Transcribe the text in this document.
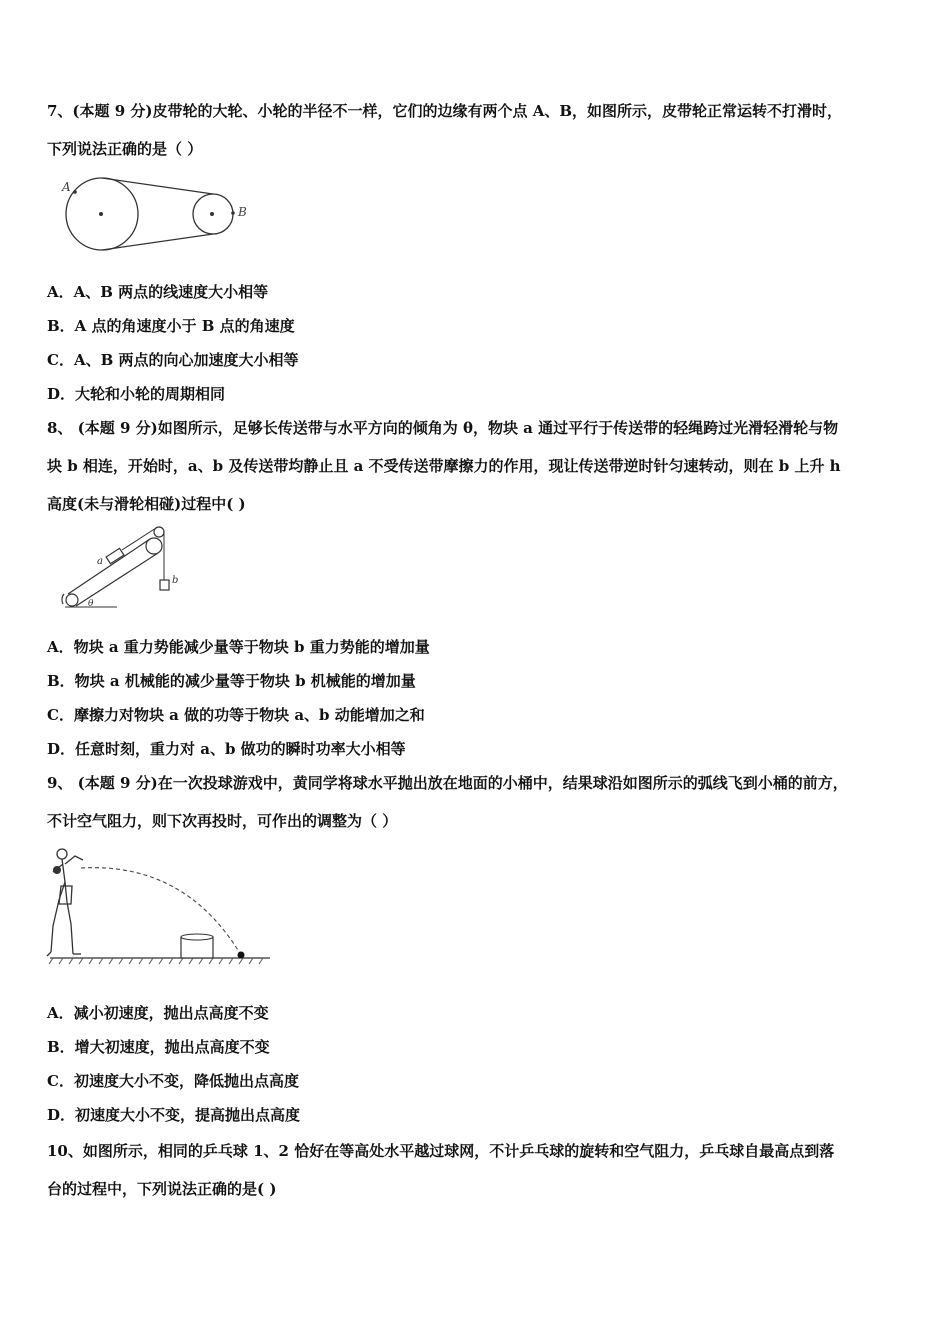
7、(本题 9 分)皮带轮的大轮、小轮的半径不一样，它们的边缘有两个点 A、B，如图所示，皮带轮正常运转不打滑时，
下列说法正确的是（ ）
A
B
A．A、B 两点的线速度大小相等
B．A 点的角速度小于 B 点的角速度
C．A、B 两点的向心加速度大小相等
D．大轮和小轮的周期相同
8、 (本题 9 分)如图所示，足够长传送带与水平方向的倾角为 θ，物块 a 通过平行于传送带的轻绳跨过光滑轻滑轮与物
块 b 相连，开始时，a、b 及传送带均静止且 a 不受传送带摩擦力的作用，现让传送带逆时针匀速转动，则在 b 上升 h
高度(未与滑轮相碰)过程中( )
a
b
θ
A．物块 a 重力势能减少量等于物块 b 重力势能的增加量
B．物块 a 机械能的减少量等于物块 b 机械能的增加量
C．摩擦力对物块 a 做的功等于物块 a、b 动能增加之和
D．任意时刻，重力对 a、b 做功的瞬时功率大小相等
9、 (本题 9 分)在一次投球游戏中，黄同学将球水平抛出放在地面的小桶中，结果球沿如图所示的弧线飞到小桶的前方，
不计空气阻力，则下次再投时，可作出的调整为（ ）
A．减小初速度，抛出点高度不变
B．增大初速度，抛出点高度不变
C．初速度大小不变，降低抛出点高度
D．初速度大小不变，提高抛出点高度
10、如图所示，相同的乒乓球 1、2 恰好在等高处水平越过球网，不计乒乓球的旋转和空气阻力，乒乓球自最高点到落
台的过程中，下列说法正确的是( )
